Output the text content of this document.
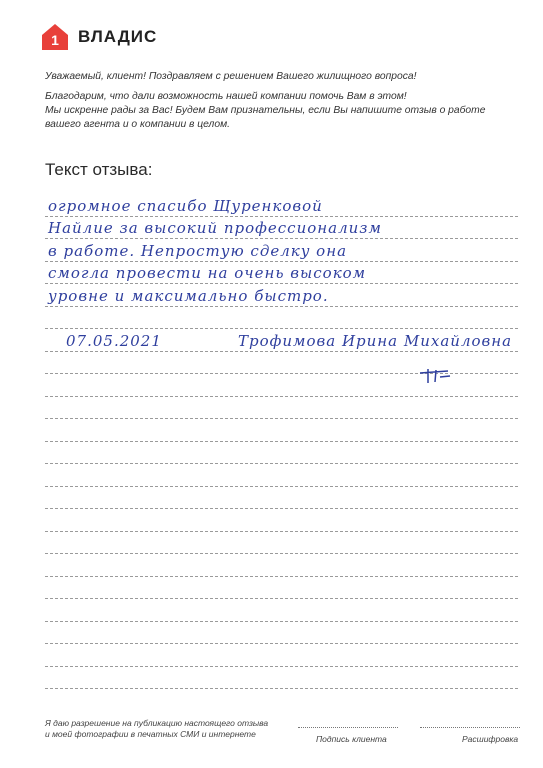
1 ВЛАДИС

Уважаемый, клиент! Поздравляем с решением Вашего жилищного вопроса!

Благодарим, что дали возможность нашей компании помочь Вам в этом!

Мы искренне рады за Вас! Будем Вам признательны, если Вы напишите отзыв о работе

вашего агента и о компании в целом.

Текст отзыва:
огромное спасибо Щуренковой
Найлие за высокий профессионализм
в работе. Непростую сделку она
смогла провести на очень высоком
уровне и максимально быстро.
07.05.2021	Трофимова Ирина Михайловна

Я даю разрешение на публикацию настоящего отзыва

и моей фотографии в печатных СМИ и интернете	Подпись клиента	Расшифровка
